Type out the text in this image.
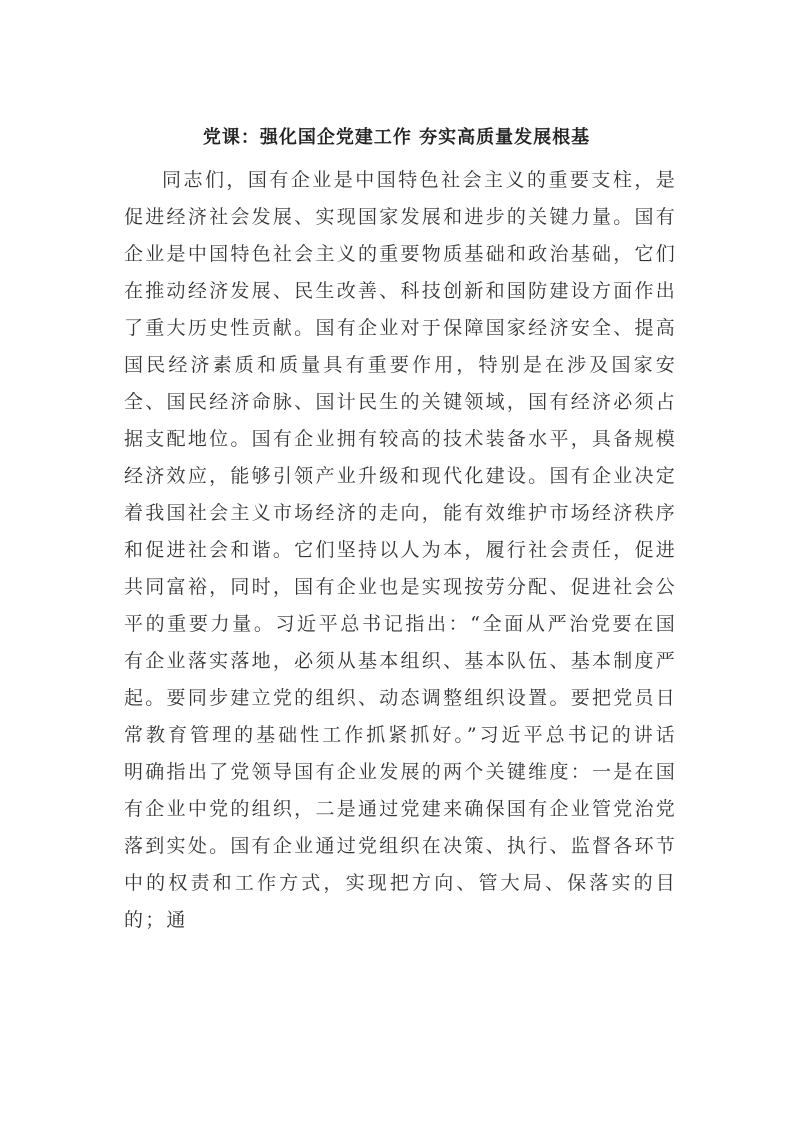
党课：强化国企党建工作 夯实高质量发展根基

同志们，国有企业是中国特色社会主义的重要支柱，是促进经济社会发展、实现国家发展和进步的关键力量。国有企业是中国特色社会主义的重要物质基础和政治基础，它们在推动经济发展、民生改善、科技创新和国防建设方面作出了重大历史性贡献。国有企业对于保障国家经济安全、提高国民经济素质和质量具有重要作用，特别是在涉及国家安全、国民经济命脉、国计民生的关键领域，国有经济必须占据支配地位。国有企业拥有较高的技术装备水平，具备规模经济效应，能够引领产业升级和现代化建设。国有企业决定着我国社会主义市场经济的走向，能有效维护市场经济秩序和促进社会和谐。它们坚持以人为本，履行社会责任，促进共同富裕，同时，国有企业也是实现按劳分配、促进社会公平的重要力量。习近平总书记指出：“全面从严治党要在国有企业落实落地，必须从基本组织、基本队伍、基本制度严起。要同步建立党的组织、动态调整组织设置。要把党员日常教育管理的基础性工作抓紧抓好。”习近平总书记的讲话明确指出了党领导国有企业发展的两个关键维度：一是在国有企业中党的组织，二是通过党建来确保国有企业管党治党落到实处。国有企业通过党组织在决策、执行、监督各环节中的权责和工作方式，实现把方向、管大局、保落实的目的；通
